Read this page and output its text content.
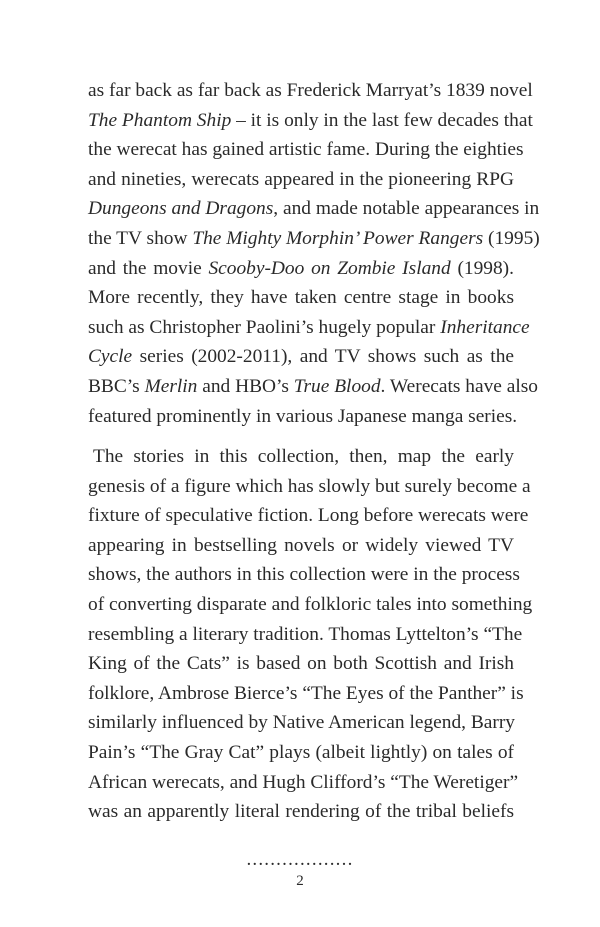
as far back as far back as Frederick Marryat’s 1839 novel
The Phantom Ship – it is only in the last few decades that
the werecat has gained artistic fame. During the eighties
and nineties, werecats appeared in the pioneering RPG
Dungeons and Dragons, and made notable appearances in
the TV show The Mighty Morphin’ Power Rangers (1995)
and the movie Scooby-Doo on Zombie Island (1998).
More recently, they have taken centre stage in books
such as Christopher Paolini’s hugely popular Inheritance
Cycle series (2002-2011), and TV shows such as the
BBC’s Merlin and HBO’s True Blood. Werecats have also
featured prominently in various Japanese manga series.
The stories in this collection, then, map the early
genesis of a figure which has slowly but surely become a
fixture of speculative fiction. Long before werecats were
appearing in bestselling novels or widely viewed TV
shows, the authors in this collection were in the process
of converting disparate and folkloric tales into something
resembling a literary tradition. Thomas Lyttelton’s “The
King of the Cats” is based on both Scottish and Irish
folklore, Ambrose Bierce’s “The Eyes of the Panther” is
similarly influenced by Native American legend, Barry
Pain’s “The Gray Cat” plays (albeit lightly) on tales of
African werecats, and Hugh Clifford’s “The Weretiger”
was an apparently literal rendering of the tribal beliefs
..................
2
